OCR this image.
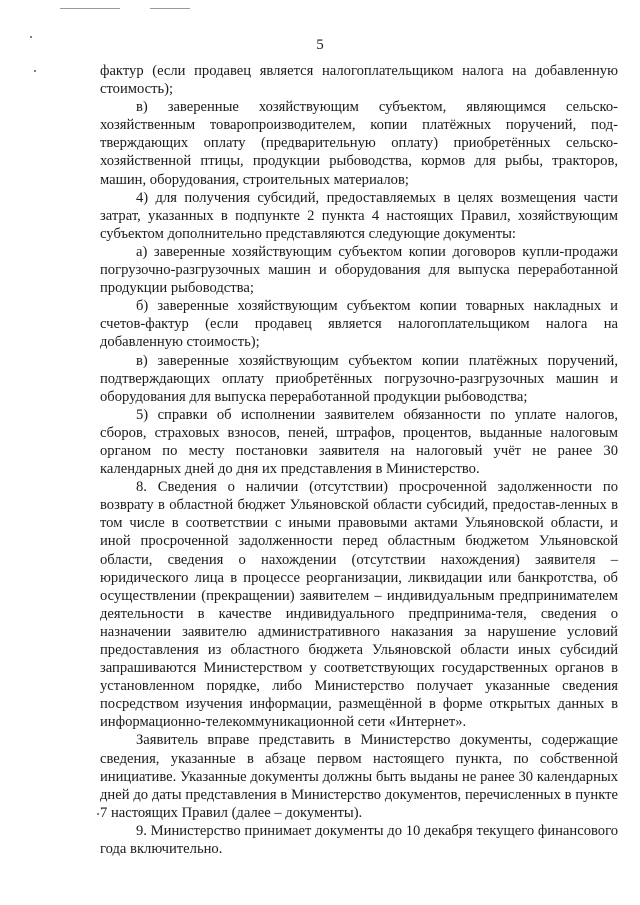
5

фактур (если продавец является налогоплательщиком налога на добавленную стоимость);

в) заверенные хозяйствующим субъектом, являющимся сельско-хозяйственным товаропроизводителем, копии платёжных поручений, под-тверждающих оплату (предварительную оплату) приобретённых сельско-хозяйственной птицы, продукции рыбоводства, кормов для рыбы, тракторов, машин, оборудования, строительных материалов;

4) для получения субсидий, предоставляемых в целях возмещения части затрат, указанных в подпункте 2 пункта 4 настоящих Правил, хозяйствующим субъектом дополнительно представляются следующие документы:

а) заверенные хозяйствующим субъектом копии договоров купли-продажи погрузочно-разгрузочных машин и оборудования для выпуска переработанной продукции рыбоводства;

б) заверенные хозяйствующим субъектом копии товарных накладных и счетов-фактур (если продавец является налогоплательщиком налога на добавленную стоимость);

в) заверенные хозяйствующим субъектом копии платёжных поручений, подтверждающих оплату приобретённых погрузочно-разгрузочных машин и оборудования для выпуска переработанной продукции рыбоводства;

5) справки об исполнении заявителем обязанности по уплате налогов, сборов, страховых взносов, пеней, штрафов, процентов, выданные налоговым органом по месту постановки заявителя на налоговый учёт не ранее 30 календарных дней до дня их представления в Министерство.

8. Сведения о наличии (отсутствии) просроченной задолженности по возврату в областной бюджет Ульяновской области субсидий, предостав-ленных в том числе в соответствии с иными правовыми актами Ульяновской области, и иной просроченной задолженности перед областным бюджетом Ульяновской области, сведения о нахождении (отсутствии нахождения) заявителя – юридического лица в процессе реорганизации, ликвидации или банкротства, об осуществлении (прекращении) заявителем – индивидуальным предпринимателем деятельности в качестве индивидуального предпринима-теля, сведения о назначении заявителю административного наказания за нарушение условий предоставления из областного бюджета Ульяновской области иных субсидий запрашиваются Министерством у соответствующих государственных органов в установленном порядке, либо Министерство получает указанные сведения посредством изучения информации, размещённой в форме открытых данных в информационно-телекоммуникационной сети «Интернет».

Заявитель вправе представить в Министерство документы, содержащие сведения, указанные в абзаце первом настоящего пункта, по собственной инициативе. Указанные документы должны быть выданы не ранее 30 календарных дней до даты представления в Министерство документов, перечисленных в пункте 7 настоящих Правил (далее – документы).

9. Министерство принимает документы до 10 декабря текущего финансового года включительно.
